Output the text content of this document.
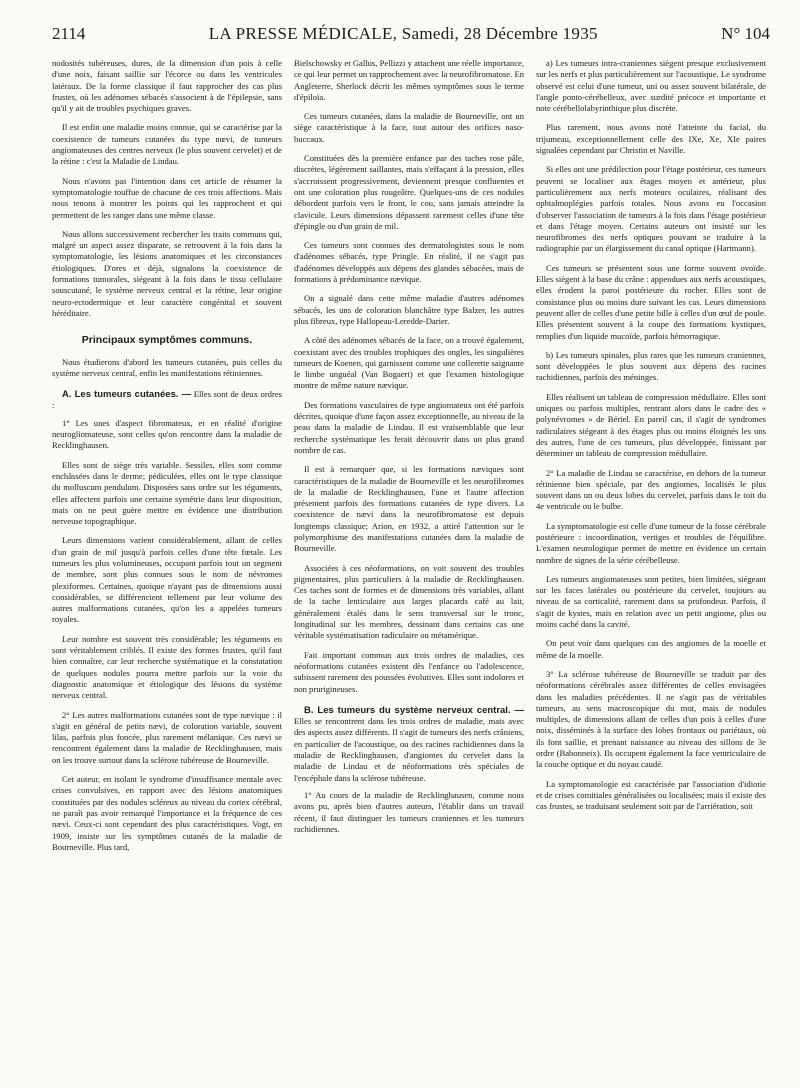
2114	LA PRESSE MÉDICALE, Samedi, 28 Décembre 1935	N° 104

nodosités tubéreuses, dures, de la dimension d'un pois à celle d'une noix, faisant saillie sur l'écorce ou dans les ventricules latéraux. De la forme classique il faut rapprocher des cas plus frustes, où les adénomes sébacés s'associent à de l'épilepsie, sans qu'il y ait de troubles psychiques graves.

Il est enfin une maladie moins connue, qui se caractérise par la coexistence de tumeurs cutanées du type nœvi, de tumeurs angiomateuses des centres nerveux (le plus souvent cervelet) et de la rétine : c'est la Maladie de Lindau.

Nous n'avons pas l'intention dans cet article de résumer la symptomatologie touffue de chacune de ces trois affections. Mais nous tenons à montrer les points qui les rapprochent et qui permettent de les ranger dans une même classe.

Nous allons successivement rechercher les traits communs qui, malgré un aspect assez disparate, se retrouvent à la fois dans la symptomatologie, les lésions anatomiques et les circonstances étiologiques. D'ores et déjà, signalons la coexistence de formations tumorales, siégeant à la fois dans le tissu cellulaire souscutané, le système nerveux central et la rétine, leur origine neuro-ectodermique et leur caractère congénital et souvent héréditaire.

Principaux symptômes communs.

Nous étudierons d'abord les tumeurs cutanées, puis celles du système nerveux central, enfin les manifestations rétiniennes.

A. Les tumeurs cutanées. — Elles sont de deux ordres :

1° Les unes d'aspect fibromateux, et en réalité d'origine neurogliomateuse, sont celles qu'on rencontre dans la maladie de Recklinghausen.

Elles sont de siège très variable. Sessiles, elles sont comme enchâssées dans le derme; pédiculées, elles ont le type classique du molluscum pendulum. Disposées sans ordre sur les téguments, elles affectent parfois une certaine symétrie dans leur disposition, mais on ne peut guère mettre en évidence une distribution nerveuse topographique.

Leurs dimensions varient considérablement, allant de celles d'un grain de mil jusqu'à parfois celles d'une tête fœtale. Les tumeurs les plus volumineuses, occupant parfois tout un segment de membre, sont plus connues sous le nom de névromes plexiformes. Certaines, quoique n'ayant pas de dimensions aussi considérables, se différencient tellement par leur volume des autres malformations cutanées, qu'on les a appelées tumeurs royales.

Leur nombre est souvent très considérable; les téguments en sont véritablement criblés. Il existe des formes frustes, qu'il faut bien connaître, car leur recherche systématique et la constatation de quelques nodules pourra mettre parfois sur la voie du diagnostic anatomique et étiologique des lésions du système nerveux central.

2° Les autres malformations cutanées sont de type nævique : il s'agit en général de petits nævi, de coloration variable, souvent lilas, parfois plus foncée, plus rarement mélanique. Ces nævi se rencontrent également dans la maladie de Recklinghausen, mais on les trouve surtout dans la sclérose tubéreuse de Bourneville.

Cet auteur, en isolant le syndrome d'insuffisance mentale avec crises convulsives, en rapport avec des lésions anatomiques constituées par des nodules scléreux au niveau du cortex cérébral, ne paraît pas avoir remarqué l'importance et la fréquence de ces nævi. Ceux-ci sont cependant des plus caractéristiques. Vogt, en 1909, insiste sur les symptômes cutanés de la maladie de Bourneville. Plus tard,

Bielschowsky et Gallus, Pellizzi y attachent une réelle importance, ce qui leur permet un rapprochement avec la neurofibromatose. En Angleterre, Sherlock décrit les mêmes symptômes sous le terme d'épiloïa.

Ces tumeurs cutanées, dans la maladie de Bourneville, ont un siège caractéristique à la face, tout autour des orifices naso-buccaux.

Constituées dès la première enfance par des taches rose pâle, discrètes, légèrement saillantes, mais s'effaçant à la pression, elles s'accroissent progressivement, deviennent presque confluentes et ont une coloration plus rougeâtre. Quelques-uns de ces nodules débordent parfois vers le front, le cou, sans jamais atteindre la clavicule. Leurs dimensions dépassent rarement celles d'une tête d'épingle ou d'un grain de mil.

Ces tumeurs sont connues des dermatologistes sous le nom d'adénomes sébacés, type Pringle. En réalité, il ne s'agit pas d'adénomes développés aux dépens des glandes sébacées, mais de formations à prédominance nævique.

On a signalé dans cette même maladie d'autres adénomes sébacés, les uns de coloration blanchâtre type Balzer, les autres plus fibreux, type Hallopeau-Leredde-Darier.

A côté des adénomes sébacés de la face, on a trouvé également, coexistant avec des troubles trophiques des ongles, les singulières tumeurs de Koenen, qui garnissent comme une collerette saignante le limbe unguéal (Van Bogaert) et que l'examen histologique montre de même nature nævique.

Des formations vasculaires de type angiomateux ont été parfois décrites, quoique d'une façon assez exceptionnelle, au niveau de la peau dans la maladie de Lindau. Il est vraisemblable que leur recherche systématique les ferait découvrir dans un plus grand nombre de cas.

Il est à remarquer que, si les formations næviques sont caractéristiques de la maladie de Bourneville et les neurofibromes de la maladie de Recklinghausen, l'une et l'autre affection présentent parfois des formations cutanées de type divers. La coexistence de nævi dans la neurofibromatose est depuis longtemps classique; Arion, en 1932, a attiré l'attention sur le polymorphisme des manifestations cutanées dans la maladie de Bourneville.

Associées à ces néoformations, on voit souvent des troubles pigmentaires, plus particuliers à la maladie de Recklinghausen. Ces taches sont de formes et de dimensions très variables, allant de la tache lenticulaire aux larges placards café au lait, généralement étalés dans le sens transversal sur le tronc, longitudinal sur les membres, dessinant dans certains cas une véritable systématisation radiculaire ou métamérique.

Fait important commun aux trois ordres de maladies, ces néoformations cutanées existent dès l'enfance ou l'adolescence, subissent rarement des poussées évolutives. Elles sont indolores et non prurigineuses.

B. Les tumeurs du système nerveux central. — Elles se rencontrent dans les trois ordres de maladie, mais avec des aspects assez différents. Il s'agit de tumeurs des nerfs crâniens, en particulier de l'acoustique, ou des racines rachidiennes dans la maladie de Recklinghausen, d'angiomes du cervelet dans la maladie de Lindau et de néoformations très spéciales de l'encéphale dans la sclérose tubéreuse.

1° Au cours de la maladie de Recklinghausen, comme nous avons pu, après bien d'autres auteurs, l'établir dans un travail récent, il faut distinguer les tumeurs craniennes et les tumeurs rachidiennes.

a) Les tumeurs intra-craniennes siègent presque exclusivement sur les nerfs et plus particulièrement sur l'acoustique. Le syndrome observé est celui d'une tumeur, uni ou assez souvent bilatérale, de l'angle ponto-cérébelleux, avec surdité précoce et importante et note cérébellolabyrinthique plus discrète.

Plus rarement, nous avons noté l'atteinte du facial, du trijumeau, exceptionnellement celle des IXe, Xe, XIe paires signalées cependant par Christin et Naville.

Si elles ont une prédilection pour l'étage postérieur, ces tumeurs peuvent se localiser aux étages moyen et antérieur, plus particulièrement aux nerfs moteurs oculaires, réalisant des ophtalmoplégies parfois totales. Nous avons eu l'occasion d'observer l'association de tumeurs à la fois dans l'étage postérieur et dans l'étage moyen. Certains auteurs ont insisté sur les neurofibromes des nerfs optiques pouvant se traduire à la radiographie par un élargissement du canal optique (Hartmann).

Ces tumeurs se présentent sous une forme souvent ovoïde. Elles siègent à la base du crâne : appendues aux nerfs acoustiques, elles érodent la paroi postérieure du rocher. Elles sont de consistance plus ou moins dure suivant les cas. Leurs dimensions peuvent aller de celles d'une petite bille à celles d'un œuf de poule. Elles présentent souvent à la coupe des formations kystiques, remplies d'un liquide mucoïde, parfois hémorragique.

b) Les tumeurs spinales, plus rares que les tumeurs craniennes, sont développées le plus souvent aux dépens des racines rachidiennes, parfois des méninges.

Elles réalisent un tableau de compression médullaire. Elles sont uniques ou parfois multiples, rentrant alors dans le cadre des « polynévromes » de Bériel. En pareil cas, il s'agit de syndromes radiculaires siégeant à des étages plus ou moins éloignés les uns des autres, l'une de ces tumeurs, plus développée, finissant par déterminer un tableau de compression médullaire.

2° La maladie de Lindau se caractérise, en dehors de la tumeur rétinienne bien spéciale, par des angiomes, localisés le plus souvent dans un ou deux lobes du cervelet, parfois dans le toit du 4e ventricule ou le bulbe.

La symptomatologie est celle d'une tumeur de la fosse cérébrale postérieure : incoordination, vertiges et troubles de l'équilibre. L'examen neurologique permet de mettre en évidence un certain nombre de signes de la série cérébelleuse.

Les tumeurs angiomateuses sont petites, bien limitées, siégeant sur les faces latérales ou postérieure du cervelet, toujours au niveau de sa corticalité, rarement dans sa profondeur. Parfois, il s'agit de kystes, mais en relation avec un petit angiome, plus ou moins caché dans la cavité.

On peut voir dans quelques cas des angiomes de la moelle et même de la moelle.

3° La sclérose tubéreuse de Bourneville se traduit par des néoformations cérébrales assez différentes de celles envisagées dans les maladies précédentes. Il ne s'agit pas de véritables tumeurs, au sens macroscopique du mot, mais de nodules multiples, de dimensions allant de celles d'un pois à celles d'une noix, disséminés à la surface des lobes frontaux ou pariétaux, où ils font saillie, et prenant naissance au niveau des sillons de 3e ordre (Babonneix). Ils occupent également la face ventriculaire de la couche optique et du noyau caudé.

La symptomatologie est caractérisée par l'association d'idiotie et de crises comitiales généralisées ou localisées; mais il existe des cas frustes, se traduisant seulement soit par de l'arriération, soit
